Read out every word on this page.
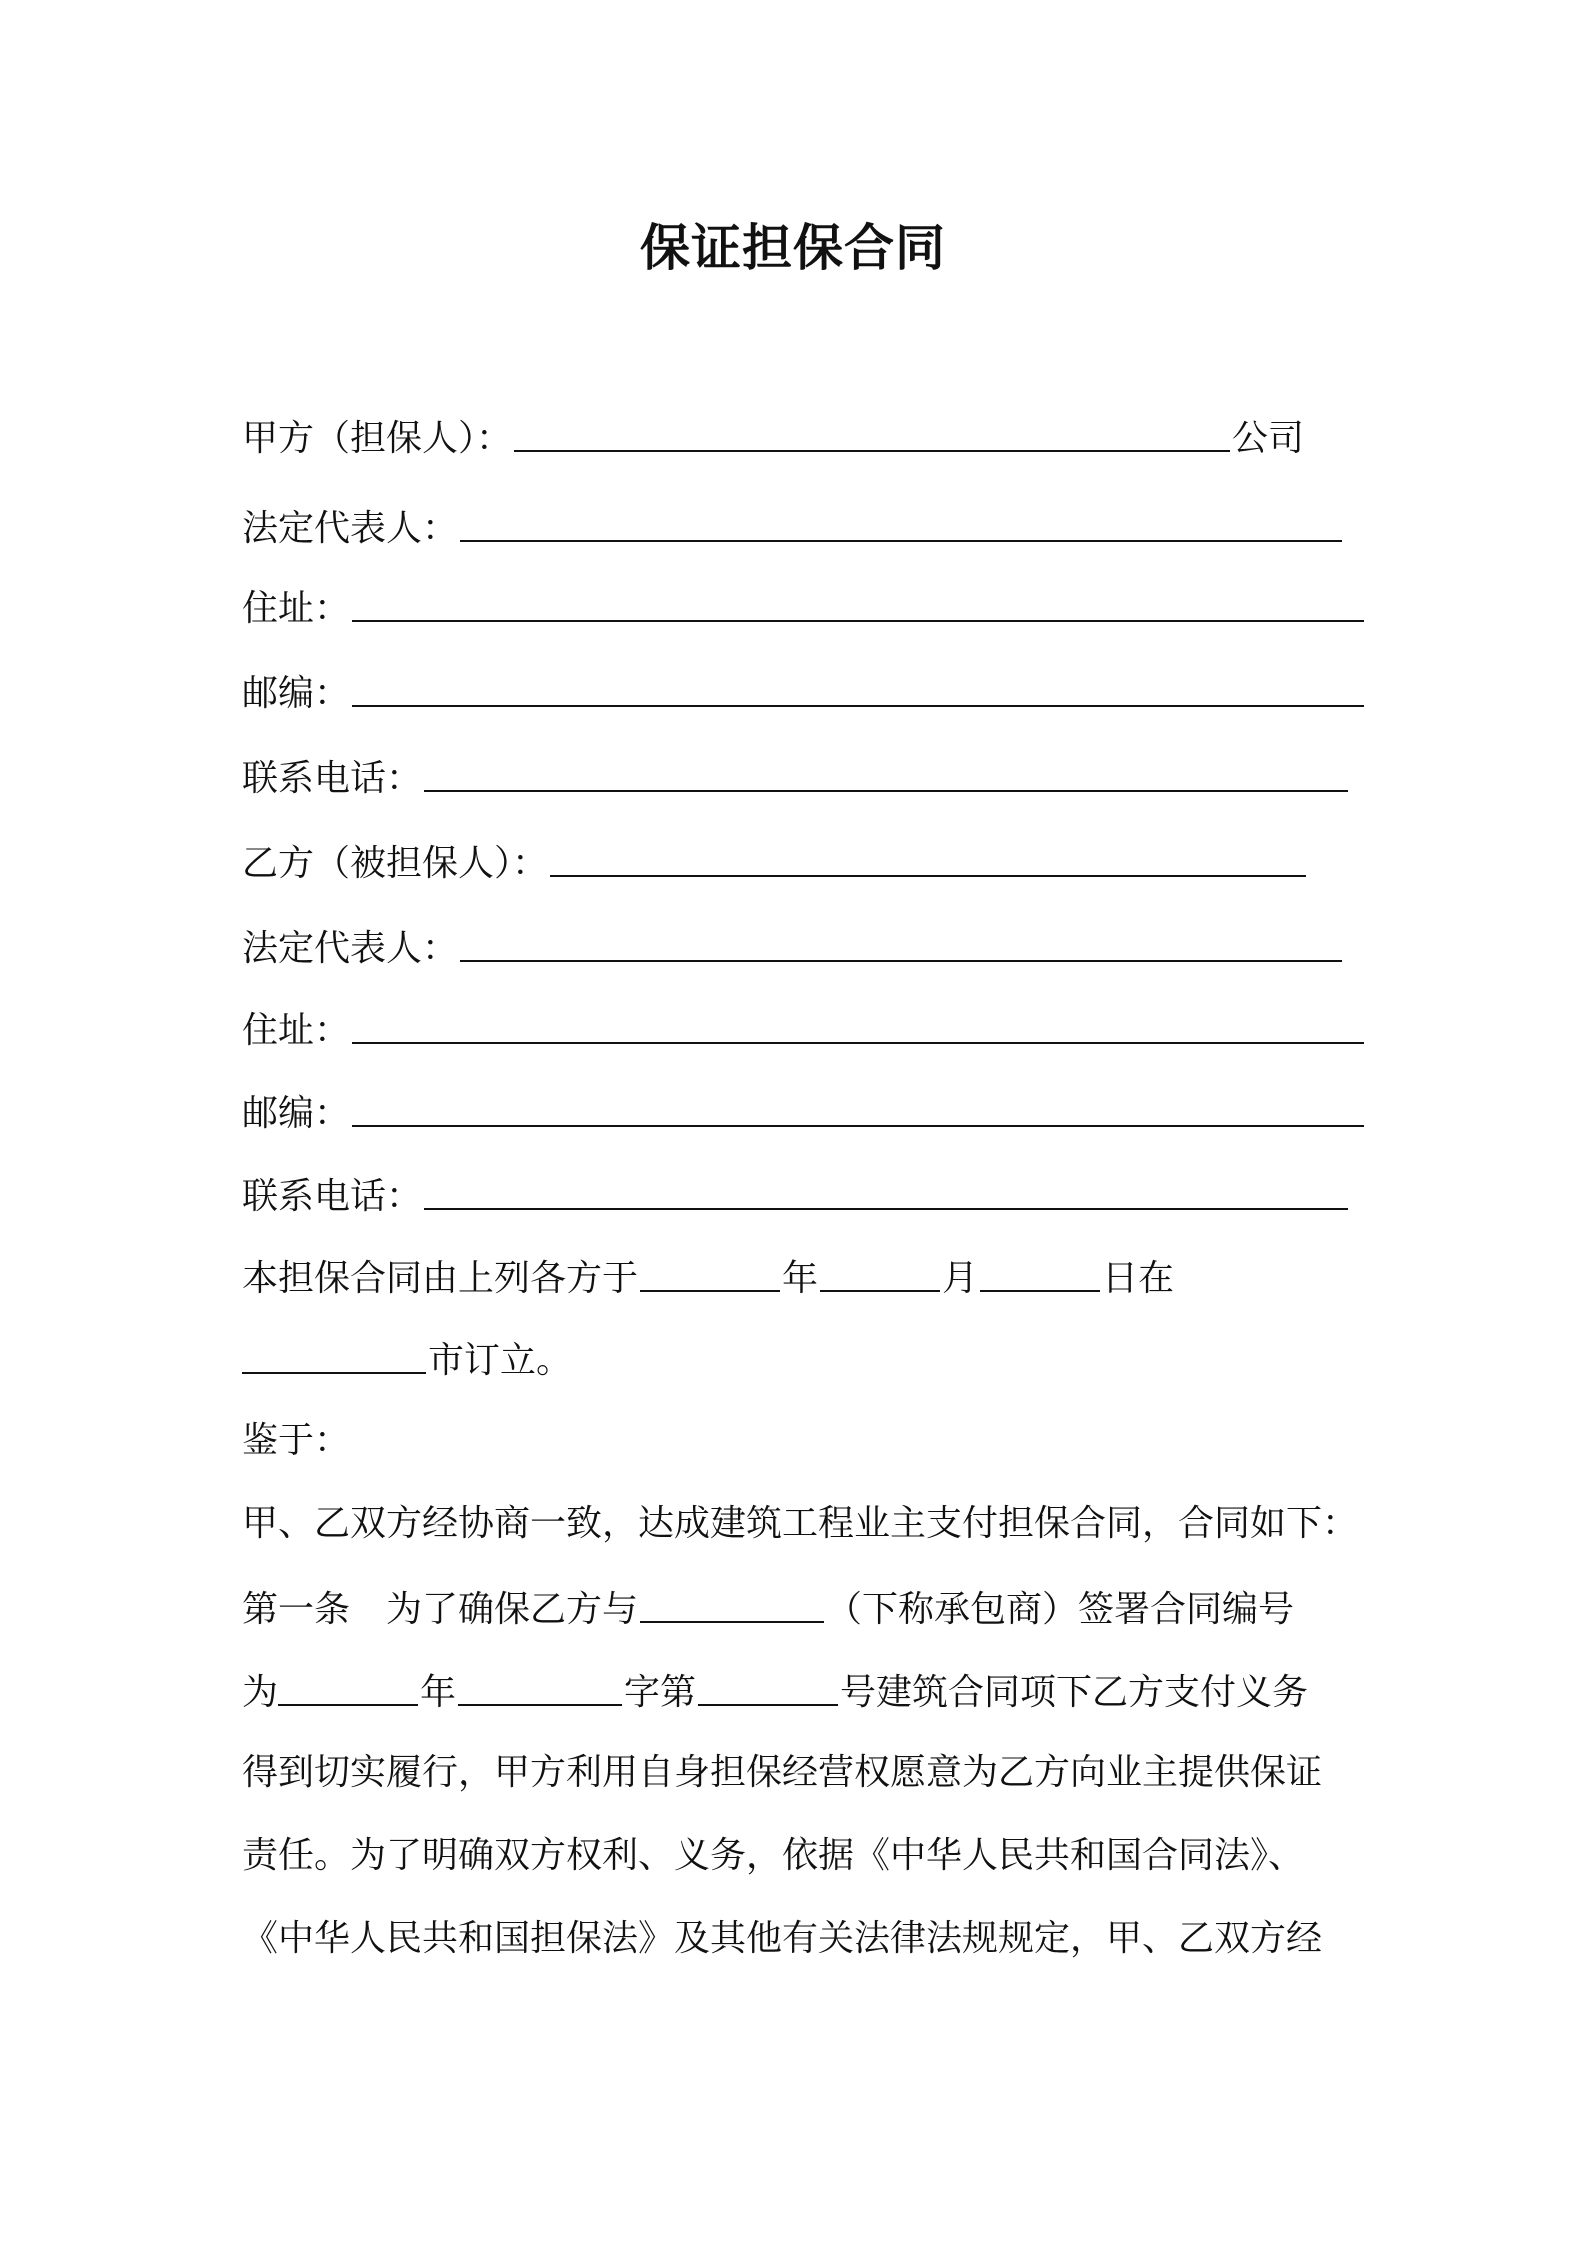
保证担保合同
甲方（担保人）：	公司
法定代表人：
住址：
邮编：
联系电话：
乙方（被担保人）：
法定代表人：
住址：
邮编：
联系电话：
本担保合同由上列各方于	年	月	日在
市订立。
鉴于：
甲、乙双方经协商一致，达成建筑工程业主支付担保合同，合同如下：
第一条 为了确保乙方与	（下称承包商）签署合同编号
为	年	字第	号建筑合同项下乙方支付义务
得到切实履行，甲方利用自身担保经营权愿意为乙方向业主提供保证
责任。为了明确双方权利、义务，依据《中华人民共和国合同法》、
《中华人民共和国担保法》及其他有关法律法规规定，甲、乙双方经
